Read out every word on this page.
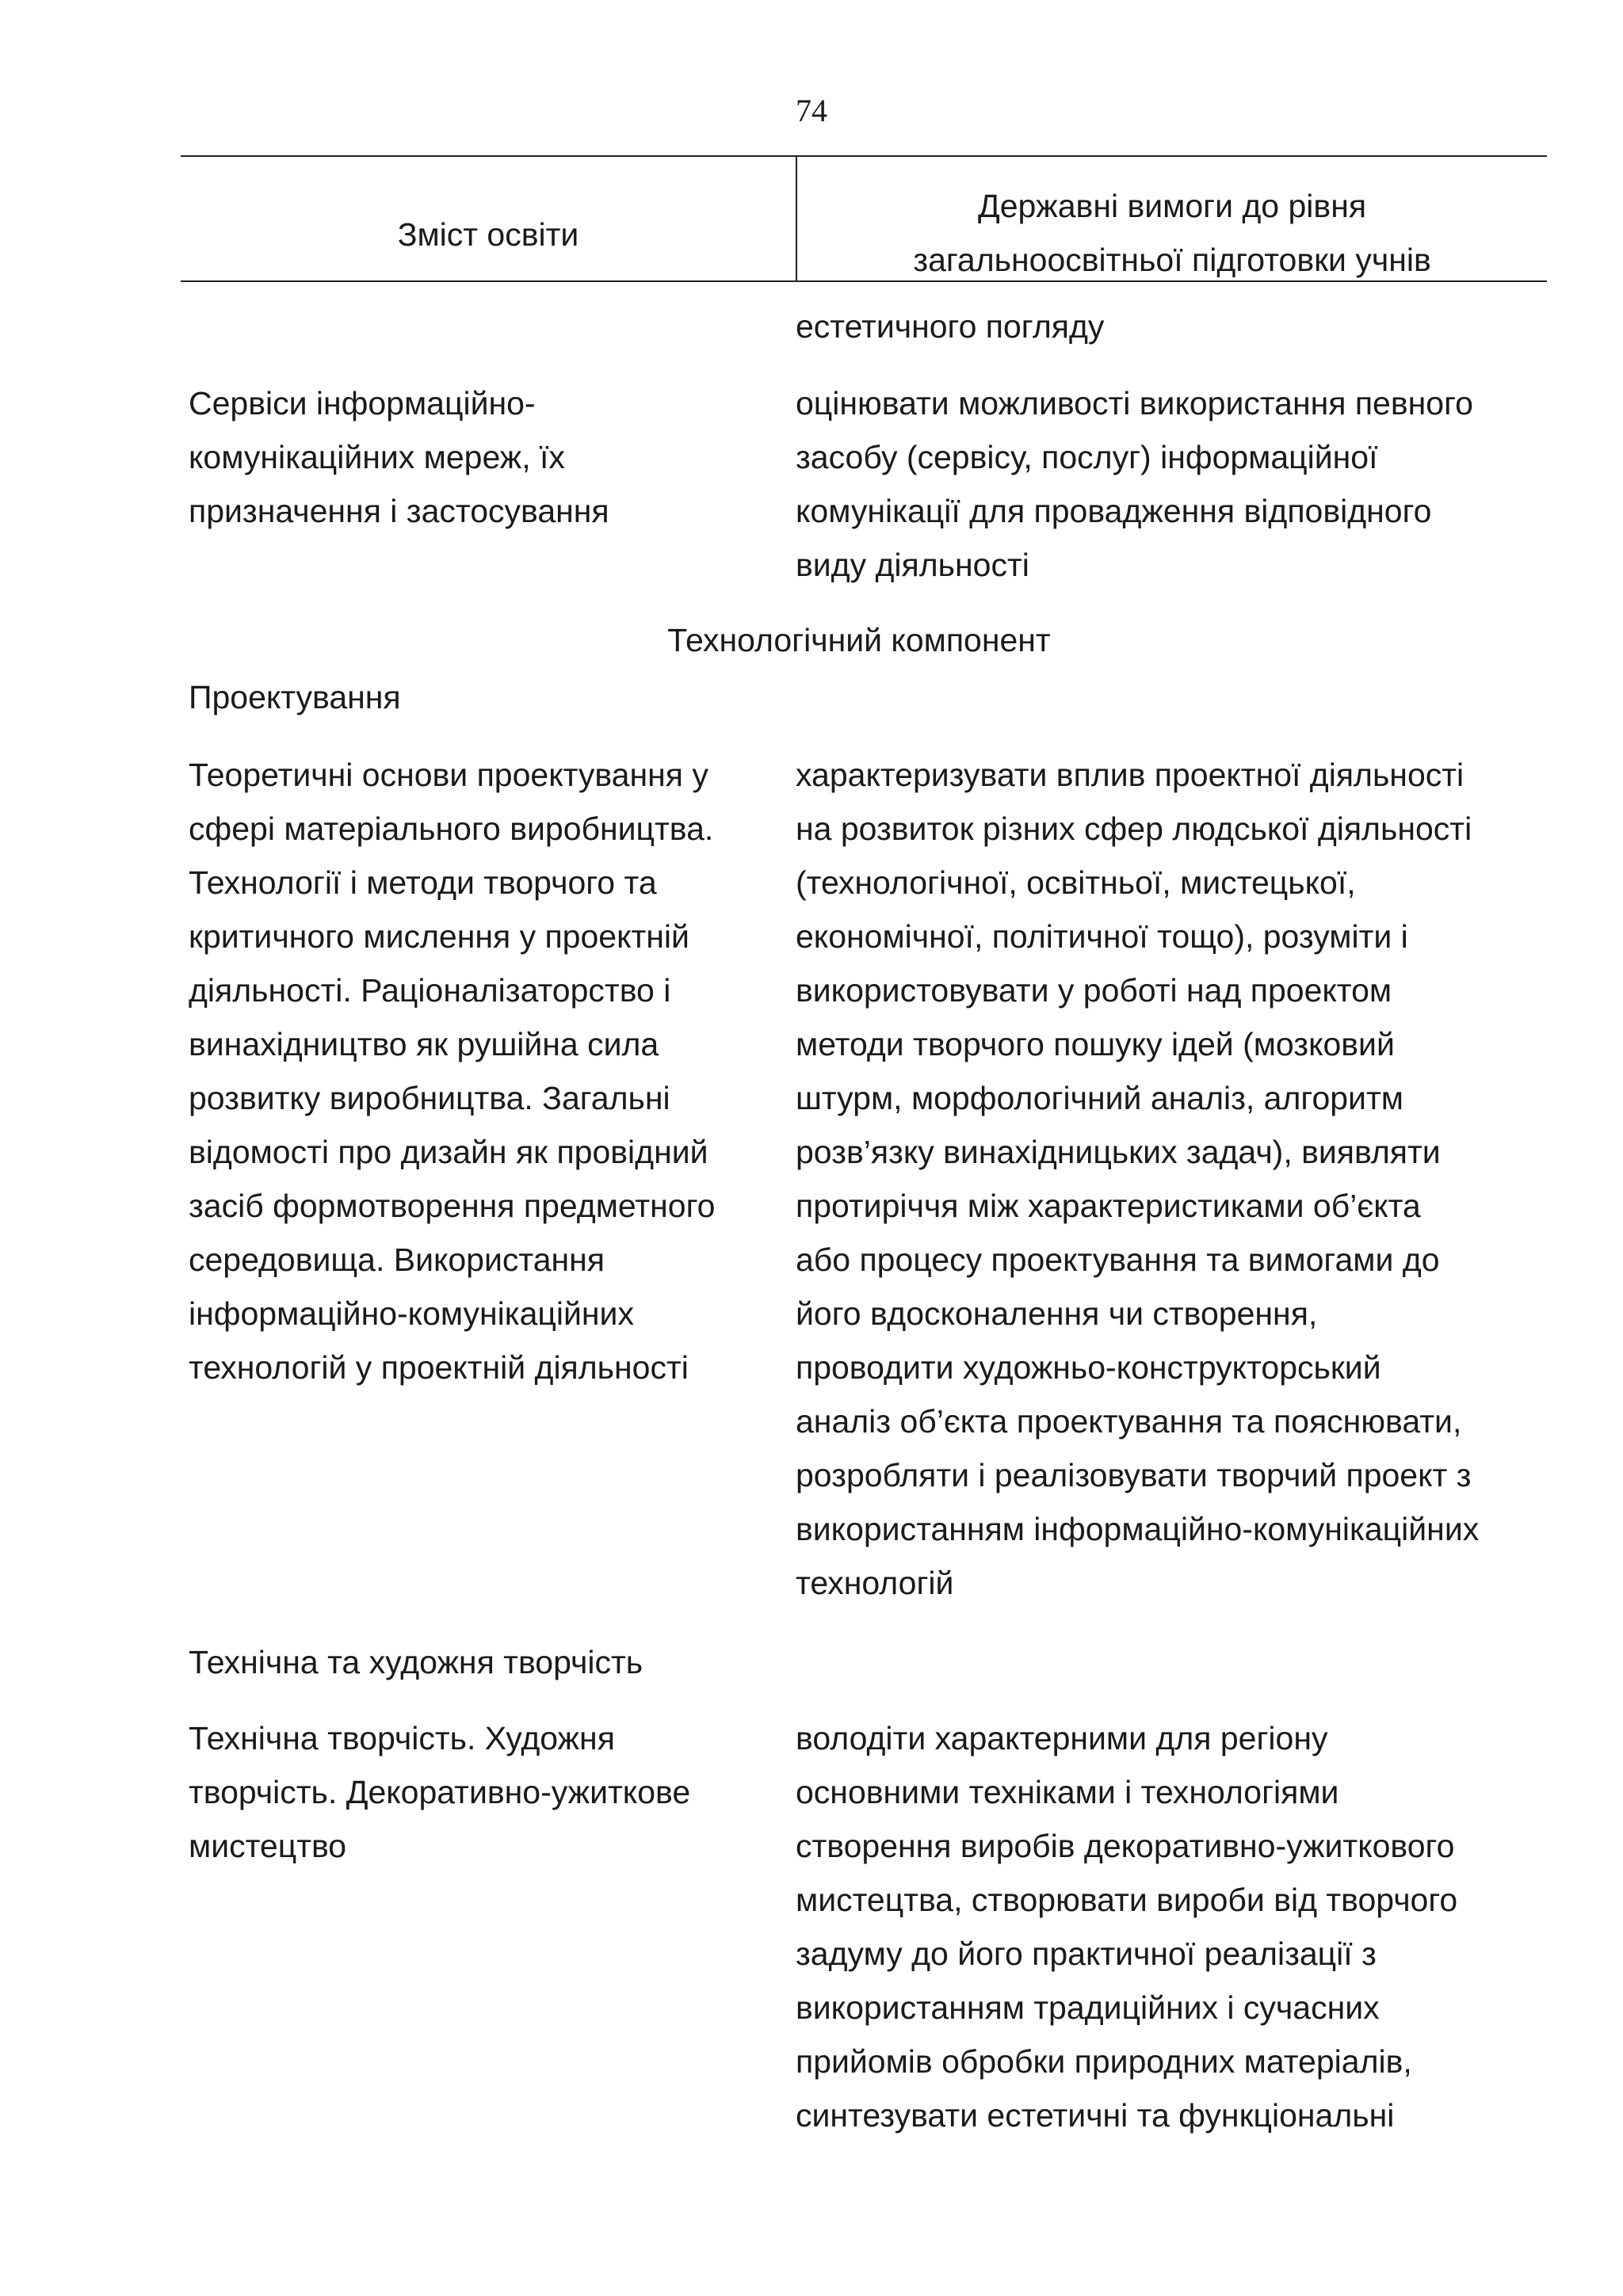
74
Зміст освіти
Державні вимоги до рівня
загальноосвітньої підготовки учнів
естетичного погляду
Сервіси інформаційно-
комунікаційних мереж, їх
призначення і застосування
оцінювати можливості використання певного
засобу (сервісу, послуг) інформаційної
комунікації для провадження відповідного
виду діяльності
Технологічний компонент
Проектування
Теоретичні основи проектування у
сфері матеріального виробництва.
Технології і методи творчого та
критичного мислення у проектній
діяльності. Раціоналізаторство і
винахідництво як рушійна сила
розвитку виробництва. Загальні
відомості про дизайн як провідний
засіб формотворення предметного
середовища. Використання
інформаційно-комунікаційних
технологій у проектній діяльності
характеризувати вплив проектної діяльності
на розвиток різних сфер людської діяльності
(технологічної, освітньої, мистецької,
економічної, політичної тощо), розуміти і
використовувати у роботі над проектом
методи творчого пошуку ідей (мозковий
штурм, морфологічний аналіз, алгоритм
розв’язку винахідницьких задач), виявляти
протиріччя між характеристиками об’єкта
або процесу проектування та вимогами до
його вдосконалення чи створення,
проводити художньо-конструкторський
аналіз об’єкта проектування та пояснювати,
розробляти і реалізовувати творчий проект з
використанням інформаційно-комунікаційних
технологій
Технічна та художня творчість
Технічна творчість. Художня
творчість. Декоративно-ужиткове
мистецтво
володіти характерними для регіону
основними техніками і технологіями
створення виробів декоративно-ужиткового
мистецтва, створювати вироби від творчого
задуму до його практичної реалізації з
використанням традиційних і сучасних
прийомів обробки природних матеріалів,
синтезувати естетичні та функціональні
